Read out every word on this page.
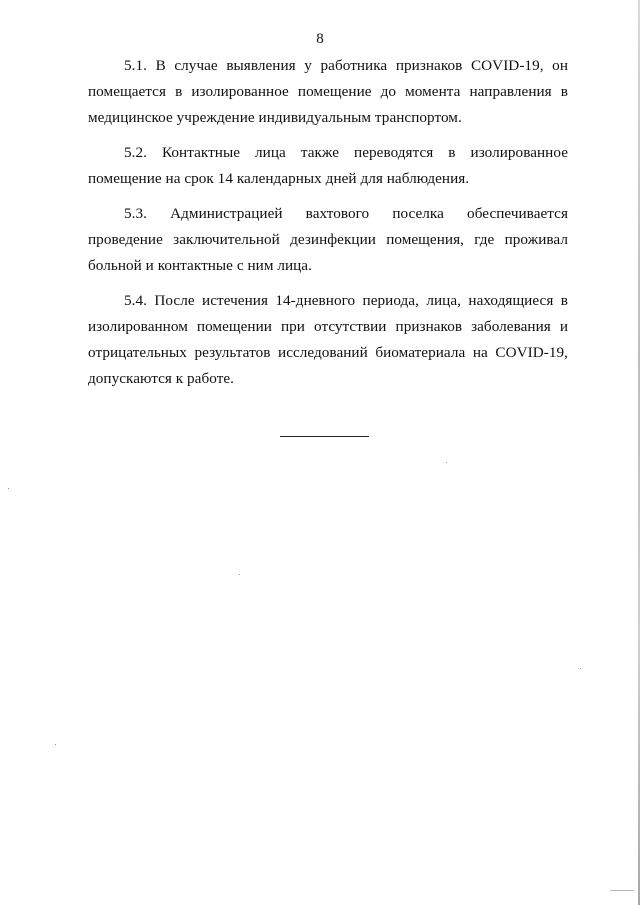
8

5.1. В случае выявления у работника признаков COVID-19, он помещается в изолированное помещение до момента направления в медицинское учреждение индивидуальным транспортом.

5.2. Контактные лица также переводятся в изолированное помещение на срок 14 календарных дней для наблюдения.

5.3. Администрацией вахтового поселка обеспечивается проведение заключительной дезинфекции помещения, где проживал больной и контактные с ним лица.

5.4. После истечения 14-дневного периода, лица, находящиеся в изолированном помещении при отсутствии признаков заболевания и отрицательных результатов исследований биоматериала на COVID-19, допускаются к работе.
